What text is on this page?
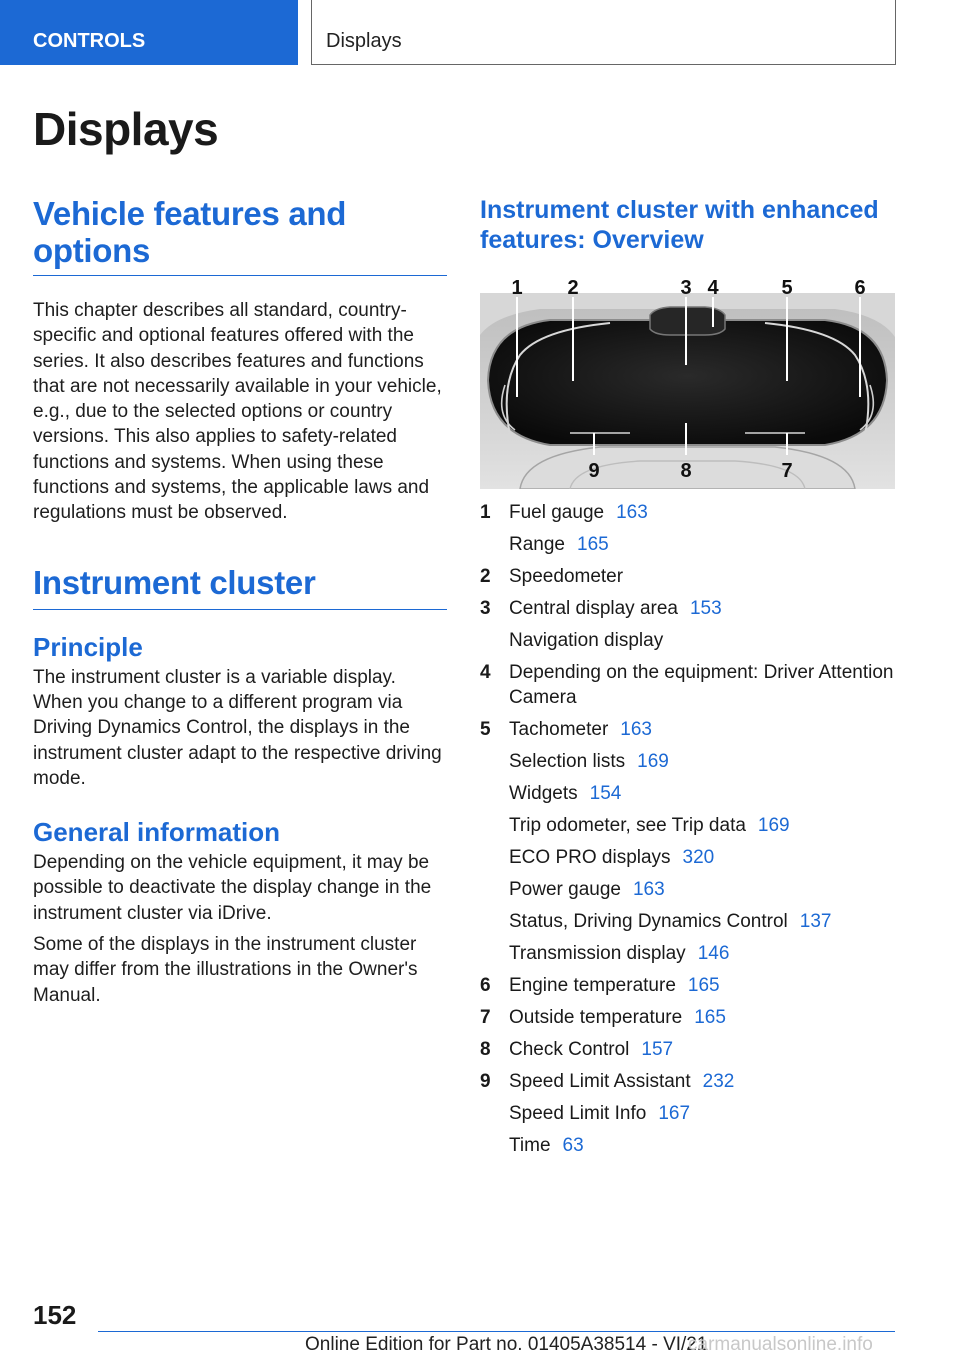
CONTROLS	Displays
Displays
Vehicle features and options

This chapter describes all standard, country-specific and optional features offered with the series. It also describes features and functions that are not necessarily available in your vehicle, e.g., due to the selected options or country versions. This also applies to safety-related functions and systems. When using these functions and systems, the applicable laws and regulations must be observed.

Instrument cluster
Principle

The instrument cluster is a variable display. When you change to a different program via Driving Dynamics Control, the displays in the instrument cluster adapt to the respective driving mode.

General information

Depending on the vehicle equipment, it may be possible to deactivate the display change in the instrument cluster via iDrive.

Some of the displays in the instrument cluster may differ from the illustrations in the Owner's Manual.

Instrument cluster with enhanced features: Overview
1 2	3 4	5	6
9	8	7
1 Fuel gauge 163
Range 165
2 Speedometer
3 Central display area 153
Navigation display
4 Depending on the equipment: Driver Attention Camera
5 Tachometer 163
Selection lists 169
Widgets 154
Trip odometer, see Trip data 169
ECO PRO displays 320
Power gauge 163
Status, Driving Dynamics Control 137
Transmission display 146
6 Engine temperature 165
7 Outside temperature 165
8 Check Control 157
9 Speed Limit Assistant 232
Speed Limit Info 167
Time 63
152
Online Edition for Part no. 01405A38514 - VI/21
carmanualsonline.info
